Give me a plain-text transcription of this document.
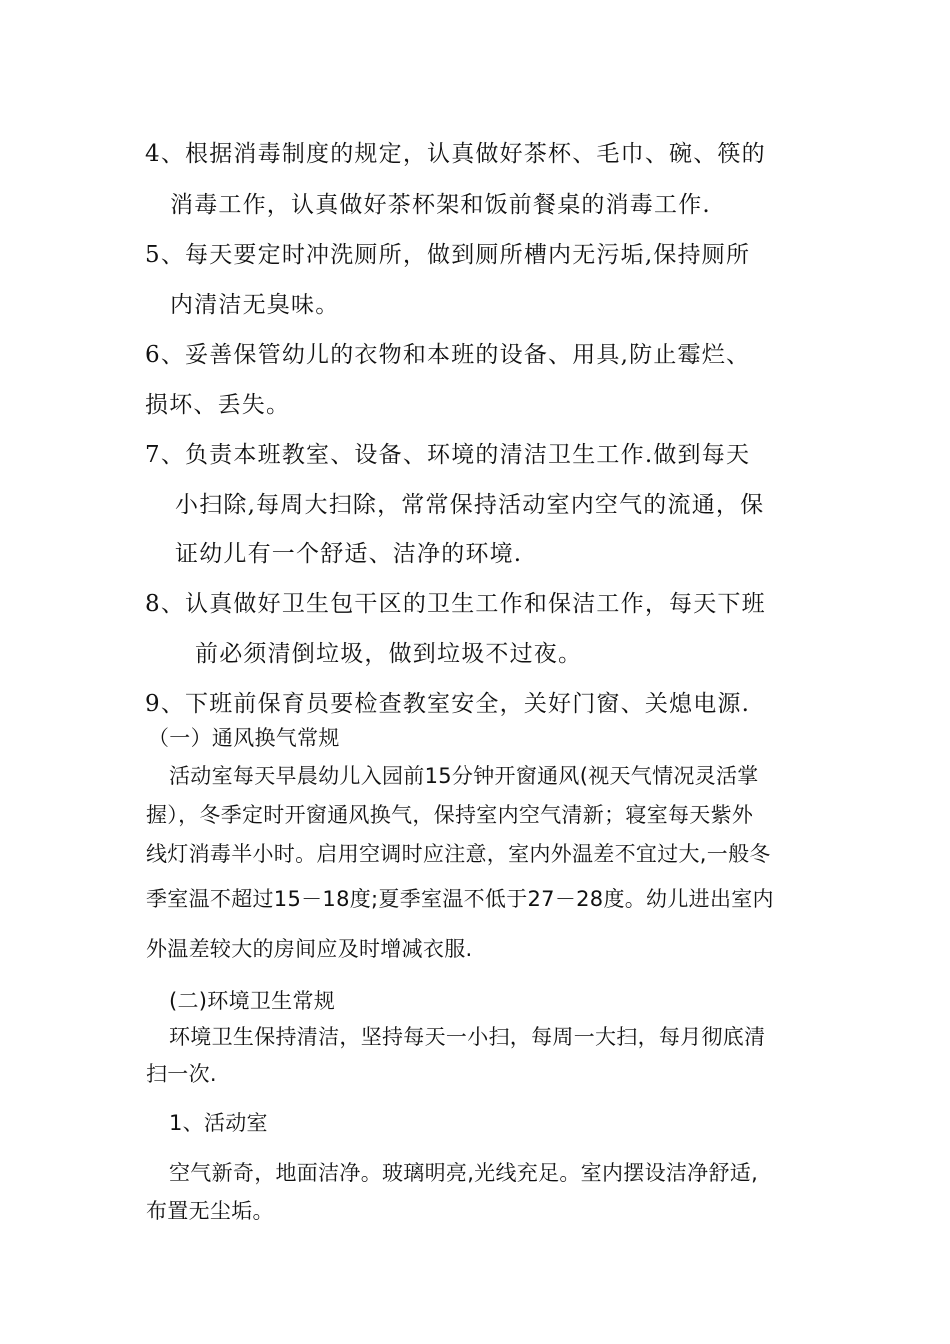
4、根据消毒制度的规定，认真做好茶杯、毛巾、碗、筷的

消毒工作，认真做好茶杯架和饭前餐桌的消毒工作.

5、每天要定时冲洗厕所，做到厕所槽内无污垢,保持厕所

内清洁无臭味。

6、妥善保管幼儿的衣物和本班的设备、用具,防止霉烂、

损坏、丢失。

7、负责本班教室、设备、环境的清洁卫生工作.做到每天

小扫除,每周大扫除，常常保持活动室内空气的流通，保

证幼儿有一个舒适、洁净的环境.

8、认真做好卫生包干区的卫生工作和保洁工作，每天下班

前必须清倒垃圾，做到垃圾不过夜。

9、下班前保育员要检查教室安全，关好门窗、关熄电源.

（一）通风换气常规

活动室每天早晨幼儿入园前15分钟开窗通风(视天气情况灵活掌

握），冬季定时开窗通风换气，保持室内空气清新；寝室每天紫外

线灯消毒半小时。启用空调时应注意，室内外温差不宜过大,一般冬

季室温不超过15－18度;夏季室温不低于27－28度。幼儿进出室内

外温差较大的房间应及时增减衣服.

(二)环境卫生常规

环境卫生保持清洁，坚持每天一小扫，每周一大扫，每月彻底清

扫一次.

1、活动室

空气新奇，地面洁净。玻璃明亮,光线充足。室内摆设洁净舒适,

布置无尘垢。
